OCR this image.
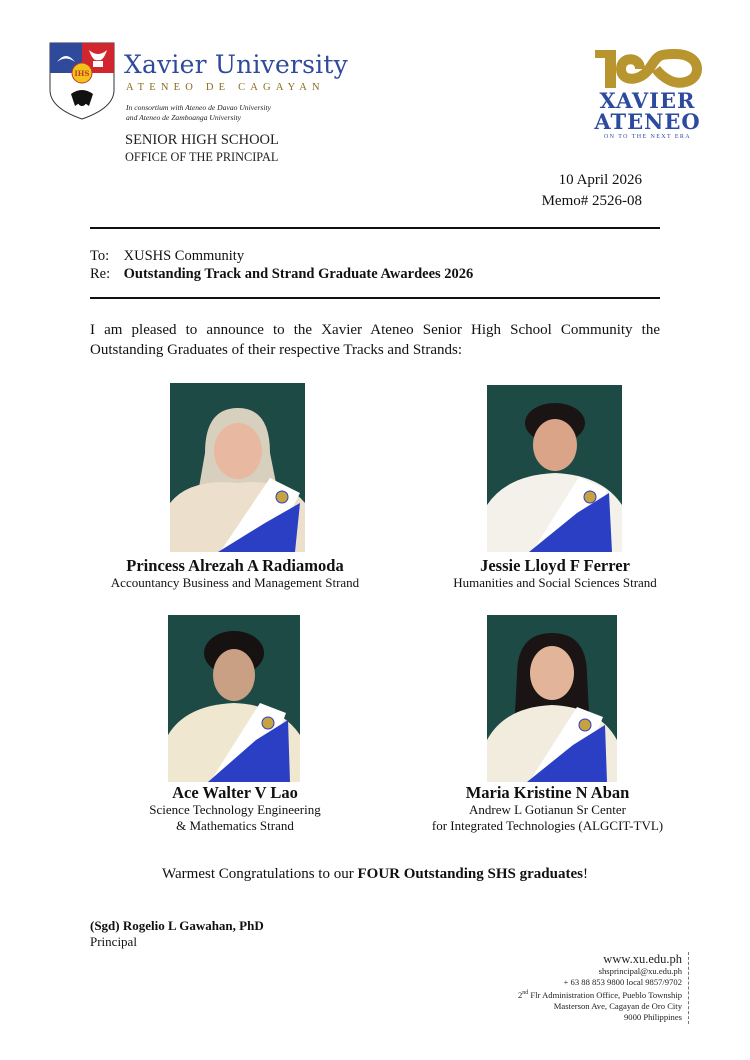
IHS Xavier University
ATENEO DE CAGAYAN
In consortium with Ateneo de Davao University
and Ateneo de Zamboanga University
SENIOR HIGH SCHOOL
OFFICE OF THE PRINCIPAL
XAVIER
ATENEO
ON TO THE NEXT ERA
10 April 2026
Memo# 2526-08
To: XUSHS Community
Re: Outstanding Track and Strand Graduate Awardees 2026

I am pleased to announce to the Xavier Ateneo Senior High School Community the Outstanding Graduates of their respective Tracks and Strands:

Princess Alrezah A Radiamoda
Accountancy Business and Management Strand
Jessie Lloyd F Ferrer
Humanities and Social Sciences Strand
Ace Walter V Lao
Science Technology Engineering
& Mathematics Strand
Maria Kristine N Aban
Andrew L Gotianun Sr Center
for Integrated Technologies (ALGCIT-TVL)
Warmest Congratulations to our FOUR Outstanding SHS graduates!
(Sgd) Rogelio L Gawahan, PhD
Principal
www.xu.edu.ph
shsprincipal@xu.edu.ph
+ 63 88 853 9800 local 9857/9702
2nd Flr Administration Office, Pueblo Township
Masterson Ave, Cagayan de Oro City
9000 Philippines
